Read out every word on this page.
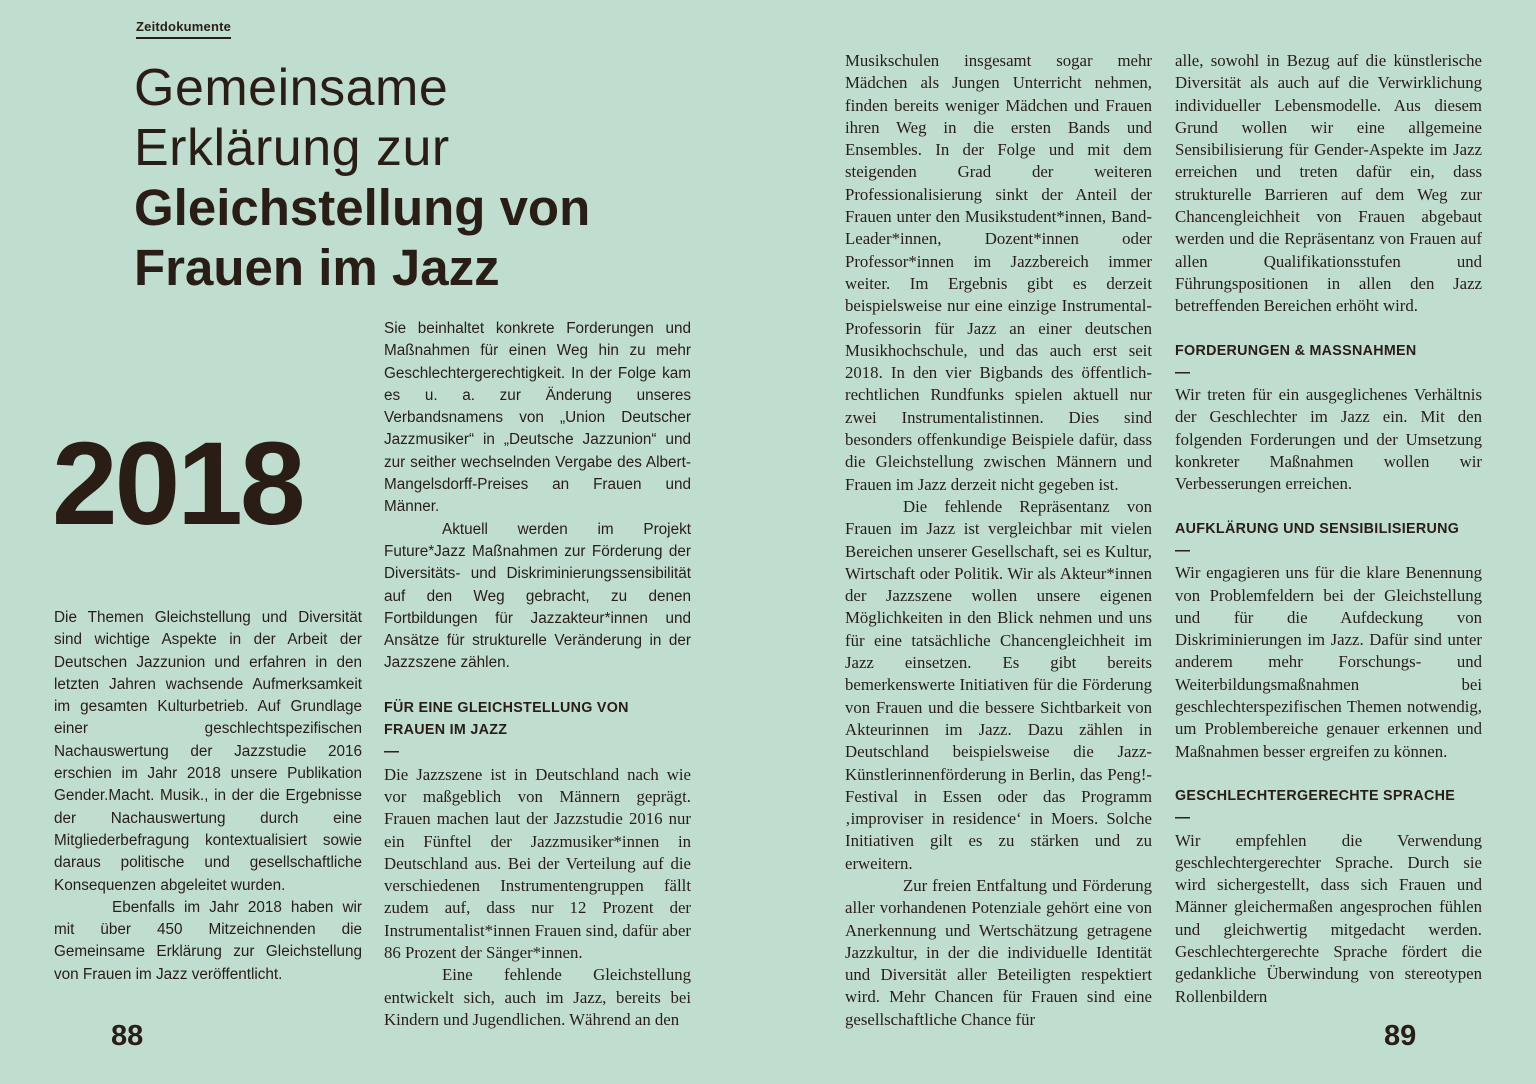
Zeitdokumente
Gemeinsame
Erklärung zur
Gleichstellung von
Frauen im Jazz
2018

Die Themen Gleichstellung und Diversität sind wichtige Aspekte in der Arbeit der Deutschen Jazzunion und erfahren in den letzten Jahren wachsende Aufmerksamkeit im gesamten Kulturbetrieb. Auf Grundlage einer geschlechtspezifischen Nachauswertung der Jazzstudie 2016 erschien im Jahr 2018 unsere Publikation Gender.Macht. Musik., in der die Ergebnisse der Nachauswertung durch eine Mitgliederbefragung kontextualisiert sowie daraus politische und gesellschaftliche Konsequenzen abgeleitet wurden.

Ebenfalls im Jahr 2018 haben wir mit über 450 Mitzeichnenden die Gemeinsame Erklärung zur Gleichstellung von Frauen im Jazz veröffentlicht.

Sie beinhaltet konkrete Forderungen und Maßnahmen für einen Weg hin zu mehr Geschlechtergerechtigkeit. In der Folge kam es u. a. zur Änderung unseres Verbandsnamens von „Union Deutscher Jazzmusiker“ in „Deutsche Jazzunion“ und zur seither wechselnden Vergabe des Albert-Mangelsdorff-Preises an Frauen und Männer.

Aktuell werden im Projekt Future*Jazz Maßnahmen zur Förderung der Diversitäts- und Diskriminierungssensibilität auf den Weg gebracht, zu denen Fortbildungen für Jazzakteur*innen und Ansätze für strukturelle Veränderung in der Jazzszene zählen.

FÜR EINE GLEICHSTELLUNG VON FRAUEN IM JAZZ
—

Die Jazzszene ist in Deutschland nach wie vor maßgeblich von Männern geprägt. Frauen machen laut der Jazzstudie 2016 nur ein Fünftel der Jazzmusiker*innen in Deutschland aus. Bei der Verteilung auf die verschiedenen Instrumentengruppen fällt zudem auf, dass nur 12 Prozent der Instrumentalist*innen Frauen sind, dafür aber 86 Prozent der Sänger*innen.

Eine fehlende Gleichstellung entwickelt sich, auch im Jazz, bereits bei Kindern und Jugendlichen. Während an den

Musikschulen insgesamt sogar mehr Mädchen als Jungen Unterricht nehmen, finden bereits weniger Mädchen und Frauen ihren Weg in die ersten Bands und Ensembles. In der Folge und mit dem steigenden Grad der weiteren Professionalisierung sinkt der Anteil der Frauen unter den Musikstudent*innen, Band-Leader*innen, Dozent*innen oder Professor*innen im Jazzbereich immer weiter. Im Ergebnis gibt es derzeit beispielsweise nur eine einzige Instrumental-Professorin für Jazz an einer deutschen Musikhochschule, und das auch erst seit 2018. In den vier Bigbands des öffentlich-rechtlichen Rundfunks spielen aktuell nur zwei Instrumentalistinnen. Dies sind besonders offenkundige Beispiele dafür, dass die Gleichstellung zwischen Männern und Frauen im Jazz derzeit nicht gegeben ist.

Die fehlende Repräsentanz von Frauen im Jazz ist vergleichbar mit vielen Bereichen unserer Gesellschaft, sei es Kultur, Wirtschaft oder Politik. Wir als Akteur*innen der Jazzszene wollen unsere eigenen Möglichkeiten in den Blick nehmen und uns für eine tatsächliche Chancengleichheit im Jazz einsetzen. Es gibt bereits bemerkenswerte Initiativen für die Förderung von Frauen und die bessere Sichtbarkeit von Akteurinnen im Jazz. Dazu zählen in Deutschland beispielsweise die Jazz-Künstlerinnenförderung in Berlin, das Peng!-Festival in Essen oder das Programm ‚improviser in residence‘ in Moers. Solche Initiativen gilt es zu stärken und zu erweitern.

Zur freien Entfaltung und Förderung aller vorhandenen Potenziale gehört eine von Anerkennung und Wertschätzung getragene Jazzkultur, in der die individuelle Identität und Diversität aller Beteiligten respektiert wird. Mehr Chancen für Frauen sind eine gesellschaftliche Chance für

alle, sowohl in Bezug auf die künstlerische Diversität als auch auf die Verwirklichung individueller Lebensmodelle. Aus diesem Grund wollen wir eine allgemeine Sensibilisierung für Gender-Aspekte im Jazz erreichen und treten dafür ein, dass strukturelle Barrieren auf dem Weg zur Chancengleichheit von Frauen abgebaut werden und die Repräsentanz von Frauen auf allen Qualifikationsstufen und Führungspositionen in allen den Jazz betreffenden Bereichen erhöht wird.

FORDERUNGEN & MASSNAHMEN
—

Wir treten für ein ausgeglichenes Verhältnis der Geschlechter im Jazz ein. Mit den folgenden Forderungen und der Umsetzung konkreter Maßnahmen wollen wir Verbesserungen erreichen.

AUFKLÄRUNG UND SENSIBILISIERUNG
—

Wir engagieren uns für die klare Benennung von Problemfeldern bei der Gleichstellung und für die Aufdeckung von Diskriminierungen im Jazz. Dafür sind unter anderem mehr Forschungs- und Weiterbildungsmaßnahmen bei geschlechterspezifischen Themen notwendig, um Problembereiche genauer erkennen und Maßnahmen besser ergreifen zu können.

GESCHLECHTERGERECHTE SPRACHE
—

Wir empfehlen die Verwendung geschlechtergerechter Sprache. Durch sie wird sichergestellt, dass sich Frauen und Männer gleichermaßen angesprochen fühlen und gleichwertig mitgedacht werden. Geschlechtergerechte Sprache fördert die gedankliche Überwindung von stereotypen Rollenbildern

88	89
